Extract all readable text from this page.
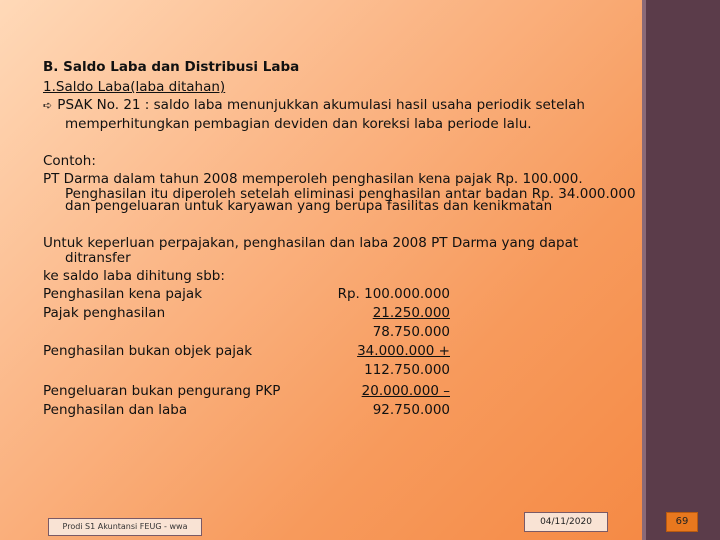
B. Saldo Laba dan Distribusi Laba
1.Saldo Laba(laba ditahan)
➪ PSAK No. 21 : saldo laba menunjukkan akumulasi hasil usaha periodik setelah
memperhitungkan pembagian deviden dan koreksi laba periode lalu.
Contoh:
PT Darma dalam tahun 2008 memperoleh penghasilan kena pajak Rp. 100.000.
Penghasilan itu diperoleh setelah eliminasi penghasilan antar badan Rp. 34.000.000
dan pengeluaran untuk karyawan yang berupa fasilitas dan kenikmatan
Untuk keperluan perpajakan, penghasilan dan laba 2008 PT Darma yang dapat
ditransfer
ke saldo laba dihitung sbb:
Penghasilan kena pajak	Rp. 100.000.000
Pajak penghasilan	21.250.000
78.750.000
Penghasilan bukan objek pajak	34.000.000 +
112.750.000
Pengeluaran bukan pengurang PKP	20.000.000 –
Penghasilan dan laba	92.750.000
Prodi S1 Akuntansi FEUG - wwa	04/11/2020	69
